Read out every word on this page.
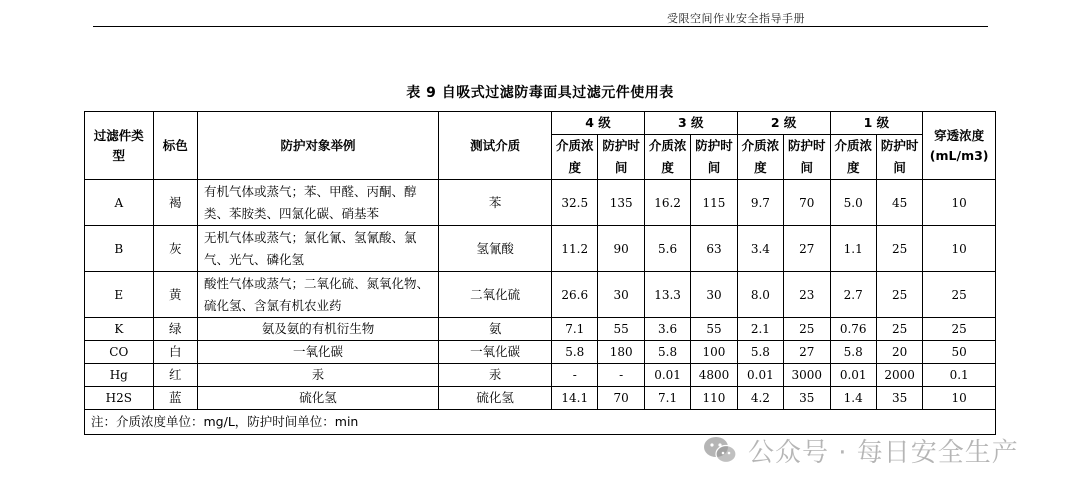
受限空间作业安全指导手册
表 9 自吸式过滤防毒面具过滤元件使用表
过滤件类型	标色	防护对象举例	测试介质	4 级		3 级		2 级		1 级		穿透浓度
(mL/m3)
				介质浓度	防护时间	介质浓度	防护时间	介质浓度	防护时间	介质浓度	防护时间	
A	褐	有机气体或蒸气；苯、甲醛、丙酮、醇类、苯胺类、四氯化碳、硝基苯	苯	32.5	135	16.2	115	9.7	70	5.0	45	10
B	灰	无机气体或蒸气；氯化氰、氢氰酸、氯气、光气、磷化氢	氢氰酸	11.2	90	5.6	63	3.4	27	1.1	25	10
E	黄	酸性气体或蒸气；二氧化硫、氮氧化物、硫化氢、含氯有机农业药	二氧化硫	26.6	30	13.3	30	8.0	23	2.7	25	25
K	绿	氨及氨的有机衍生物	氨	7.1	55	3.6	55	2.1	25	0.76	25	25
CO	白	一氧化碳	一氧化碳	5.8	180	5.8	100	5.8	27	5.8	20	50
Hg	红	汞	汞	-	-	0.01	4800	0.01	3000	0.01	2000	0.1
H2S	蓝	硫化氢	硫化氢	14.1	70	7.1	110	4.2	35	1.4	35	10
注：介质浓度单位：mg/L，防护时间单位：min												
公众号 · 每日安全生产
